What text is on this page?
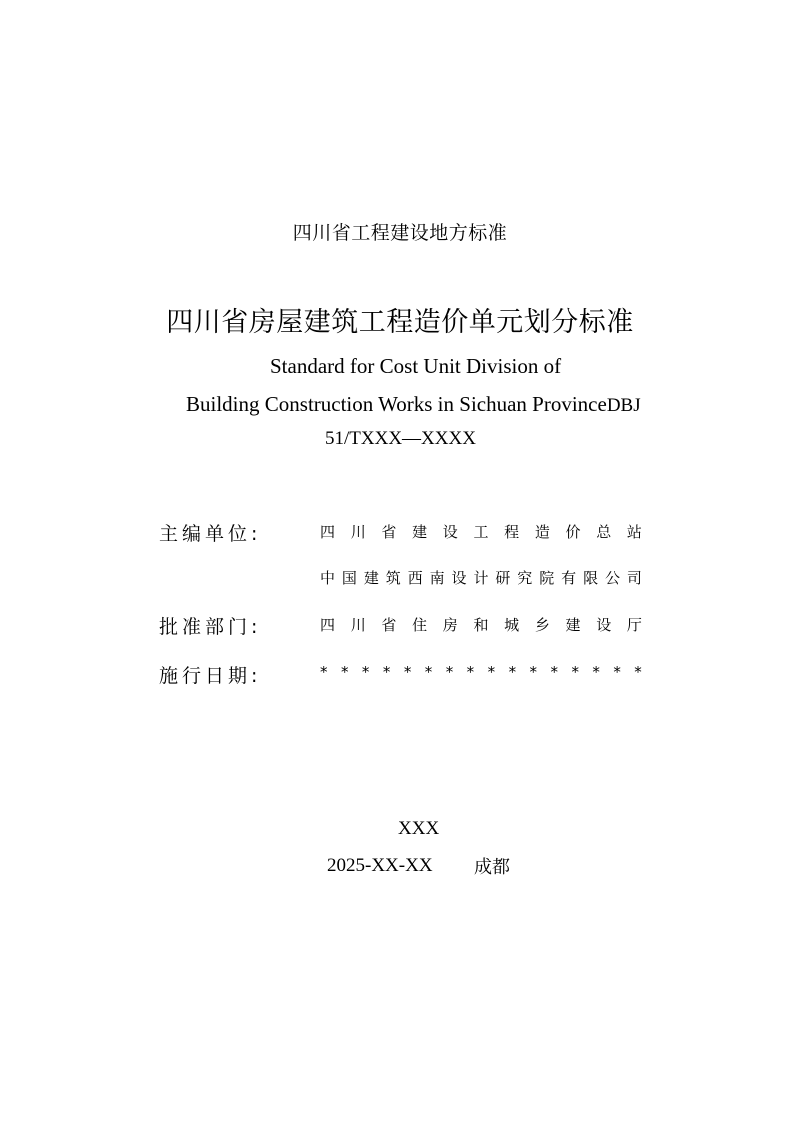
四川省工程建设地方标准
四川省房屋建筑工程造价单元划分标准
Standard for Cost Unit Division of
Building Construction Works in Sichuan ProvinceDBJ
51/TXXX—XXXX
主编单位:	四 川 省 建 设 工 程 造 价 总 站
中 国 建 筑 西 南 设 计 研 究 院 有 限 公 司
批准部门:	四 川 省 住 房 和 城 乡 建 设 厅
施行日期:	* * * * * * * * * * * * * * * *
XXX
2025-XX-XX 成都
